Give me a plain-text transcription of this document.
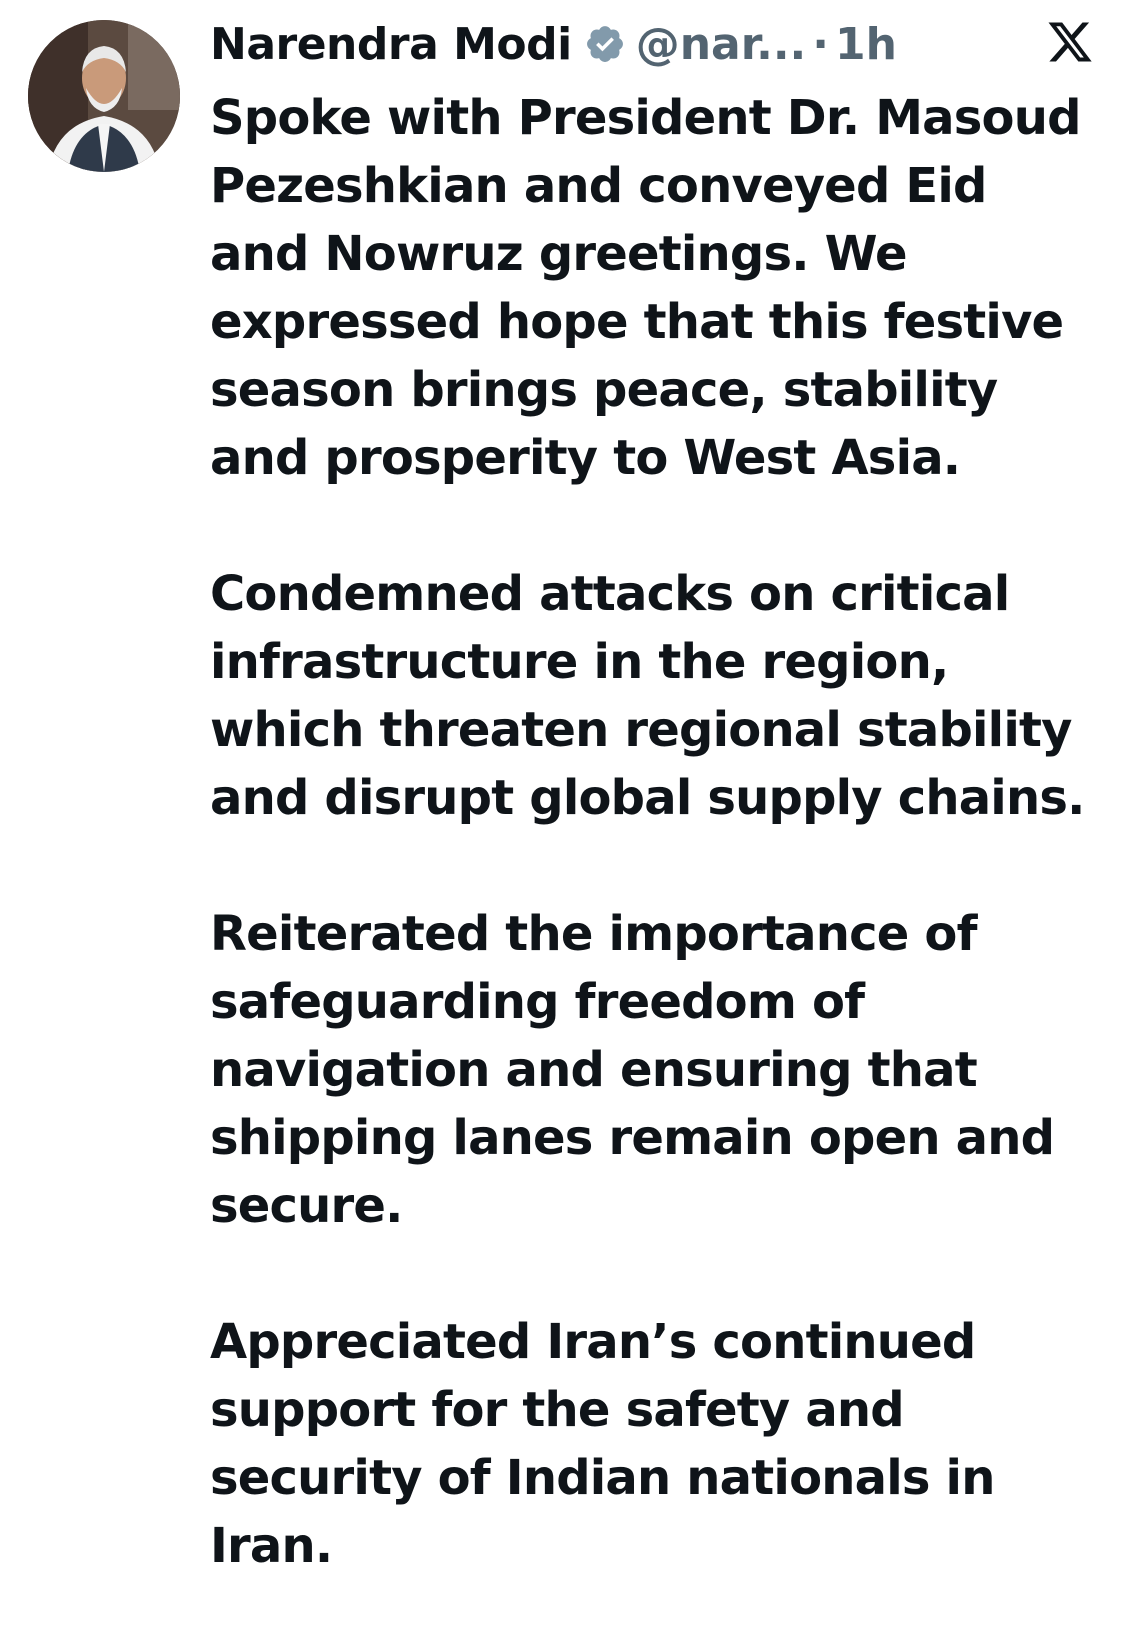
Narendra Modi @nar... · 1h

Spoke with President Dr. Masoud Pezeshkian and conveyed Eid and Nowruz greetings. We expressed hope that this festive season brings peace, stability and prosperity to West Asia.

Condemned attacks on critical infrastructure in the region, which threaten regional stability and disrupt global supply chains.

Reiterated the importance of safeguarding freedom of navigation and ensuring that shipping lanes remain open and secure.

Appreciated Iran’s continued support for the safety and security of Indian nationals in Iran.
